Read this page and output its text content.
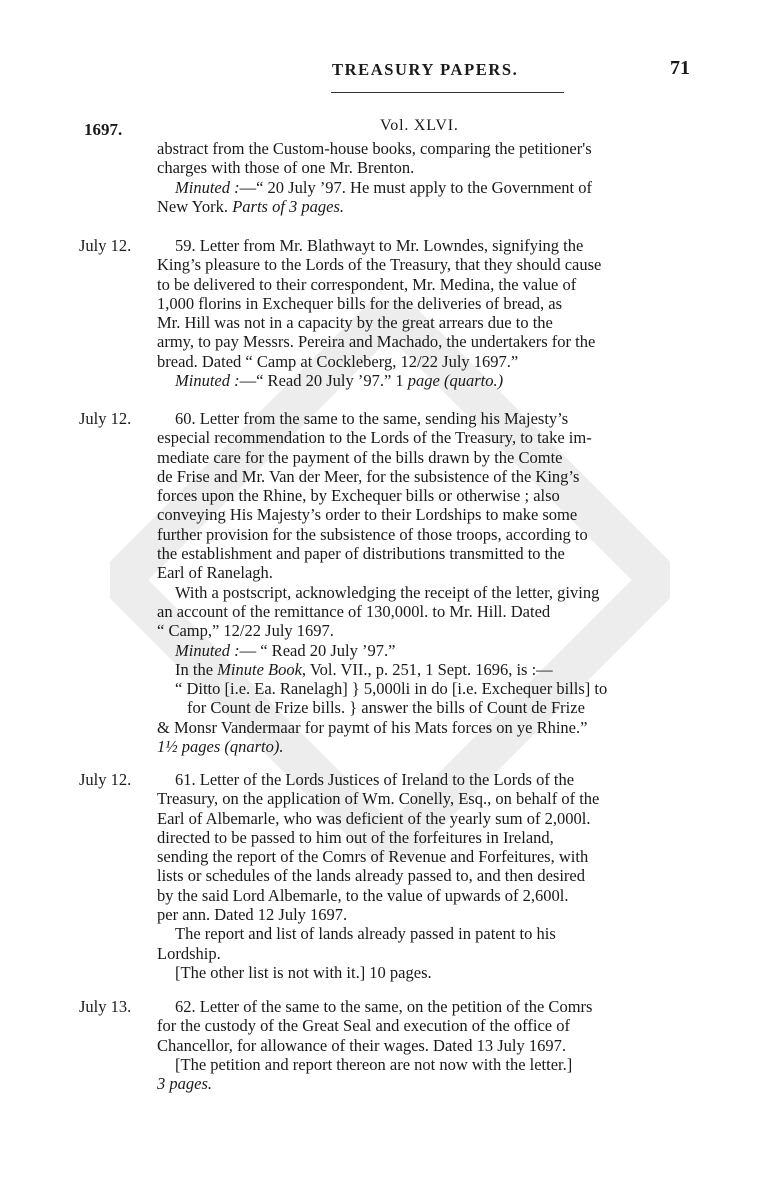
TREASURY PAPERS.	71
1697.	Vol. XLVI.

abstract from the Custom-house books, comparing the petitioner's

charges with those of one Mr. Brenton.

Minuted :—“ 20 July ’97. He must apply to the Government of

New York. Parts of 3 pages.

July 12.	59. Letter from Mr. Blathwayt to Mr. Lowndes, signifying the

King’s pleasure to the Lords of the Treasury, that they should cause

to be delivered to their correspondent, Mr. Medina, the value of

1,000 florins in Exchequer bills for the deliveries of bread, as

Mr. Hill was not in a capacity by the great arrears due to the

army, to pay Messrs. Pereira and Machado, the undertakers for the

bread. Dated “ Camp at Cockleberg, 12/22 July 1697.”

Minuted :—“ Read 20 July ’97.” 1 page (quarto.)

July 12.	60. Letter from the same to the same, sending his Majesty’s

especial recommendation to the Lords of the Treasury, to take im-

mediate care for the payment of the bills drawn by the Comte

de Frise and Mr. Van der Meer, for the subsistence of the King’s

forces upon the Rhine, by Exchequer bills or otherwise ; also

conveying His Majesty’s order to their Lordships to make some

further provision for the subsistence of those troops, according to

the establishment and paper of distributions transmitted to the

Earl of Ranelagh.

With a postscript, acknowledging the receipt of the letter, giving

an account of the remittance of 130,000l. to Mr. Hill. Dated

“ Camp,” 12/22 July 1697.

Minuted :— “ Read 20 July ’97.”

In the Minute Book, Vol. VII., p. 251, 1 Sept. 1696, is :—

“ Ditto [i.e. Ea. Ranelagh] } 5,000li in do [i.e. Exchequer bills] to

for Count de Frize bills. } answer the bills of Count de Frize

& Monsr Vandermaar for paymt of his Mats forces on ye Rhine.”

1½ pages (qnarto).

July 12.	61. Letter of the Lords Justices of Ireland to the Lords of the

Treasury, on the application of Wm. Conelly, Esq., on behalf of the

Earl of Albemarle, who was deficient of the yearly sum of 2,000l.

directed to be passed to him out of the forfeitures in Ireland,

sending the report of the Comrs of Revenue and Forfeitures, with

lists or schedules of the lands already passed to, and then desired

by the said Lord Albemarle, to the value of upwards of 2,600l.

per ann. Dated 12 July 1697.

The report and list of lands already passed in patent to his

Lordship.

[The other list is not with it.] 10 pages.

July 13.	62. Letter of the same to the same, on the petition of the Comrs

for the custody of the Great Seal and execution of the office of

Chancellor, for allowance of their wages. Dated 13 July 1697.

[The petition and report thereon are not now with the letter.]

3 pages.
